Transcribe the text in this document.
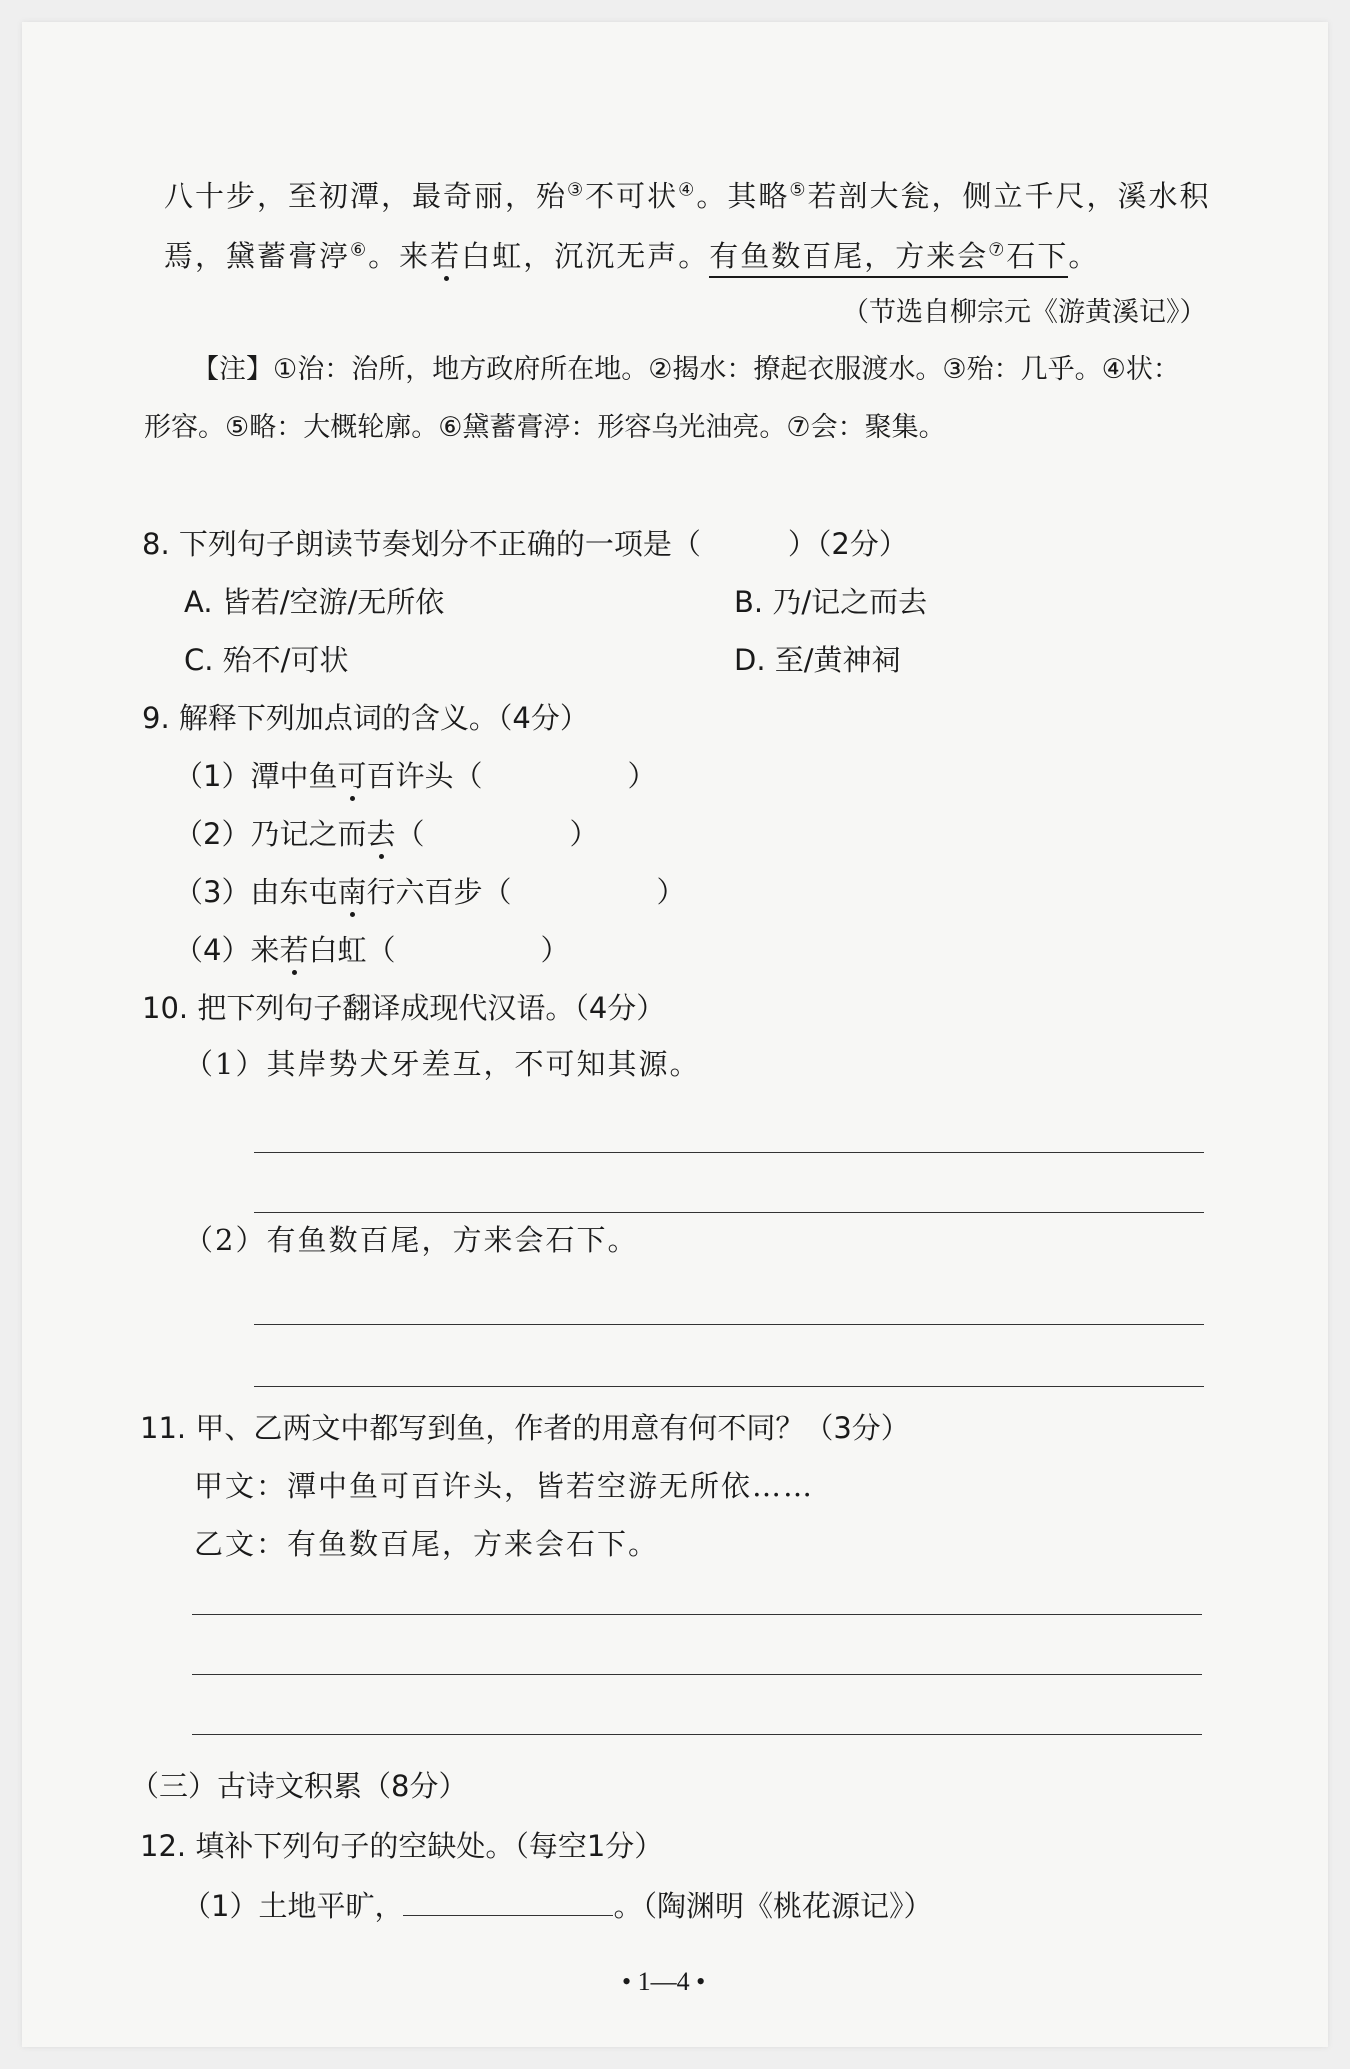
八十步，至初潭，最奇丽，殆③不可状④。其略⑤若剖大瓮，侧立千尺，溪水积
焉，黛蓄膏渟⑥。来若白虹，沉沉无声。有鱼数百尾，方来会⑦石下。
（节选自柳宗元《游黄溪记》）
【注】①治：治所，地方政府所在地。②揭水：撩起衣服渡水。③殆：几乎。④状：
形容。⑤略：大概轮廓。⑥黛蓄膏渟：形容乌光油亮。⑦会：聚集。
8. 下列句子朗读节奏划分不正确的一项是（　　　）（2分）
A. 皆若/空游/无所依	B. 乃/记之而去
C. 殆不/可状	D. 至/黄神祠
9. 解释下列加点词的含义。（4分）
（1）潭中鱼可百许头（　　　　　）
（2）乃记之而去（　　　　　）
（3）由东屯南行六百步（　　　　　）
（4）来若白虹（　　　　　）
10. 把下列句子翻译成现代汉语。（4分）
（1）其岸势犬牙差互，不可知其源。
（2）有鱼数百尾，方来会石下。
11. 甲、乙两文中都写到鱼，作者的用意有何不同？（3分）
甲文：潭中鱼可百许头，皆若空游无所依……
乙文：有鱼数百尾，方来会石下。
（三）古诗文积累（8分）
12. 填补下列句子的空缺处。（每空1分）
（1）土地平旷，	。（陶渊明《桃花源记》）
• 1—4 •
